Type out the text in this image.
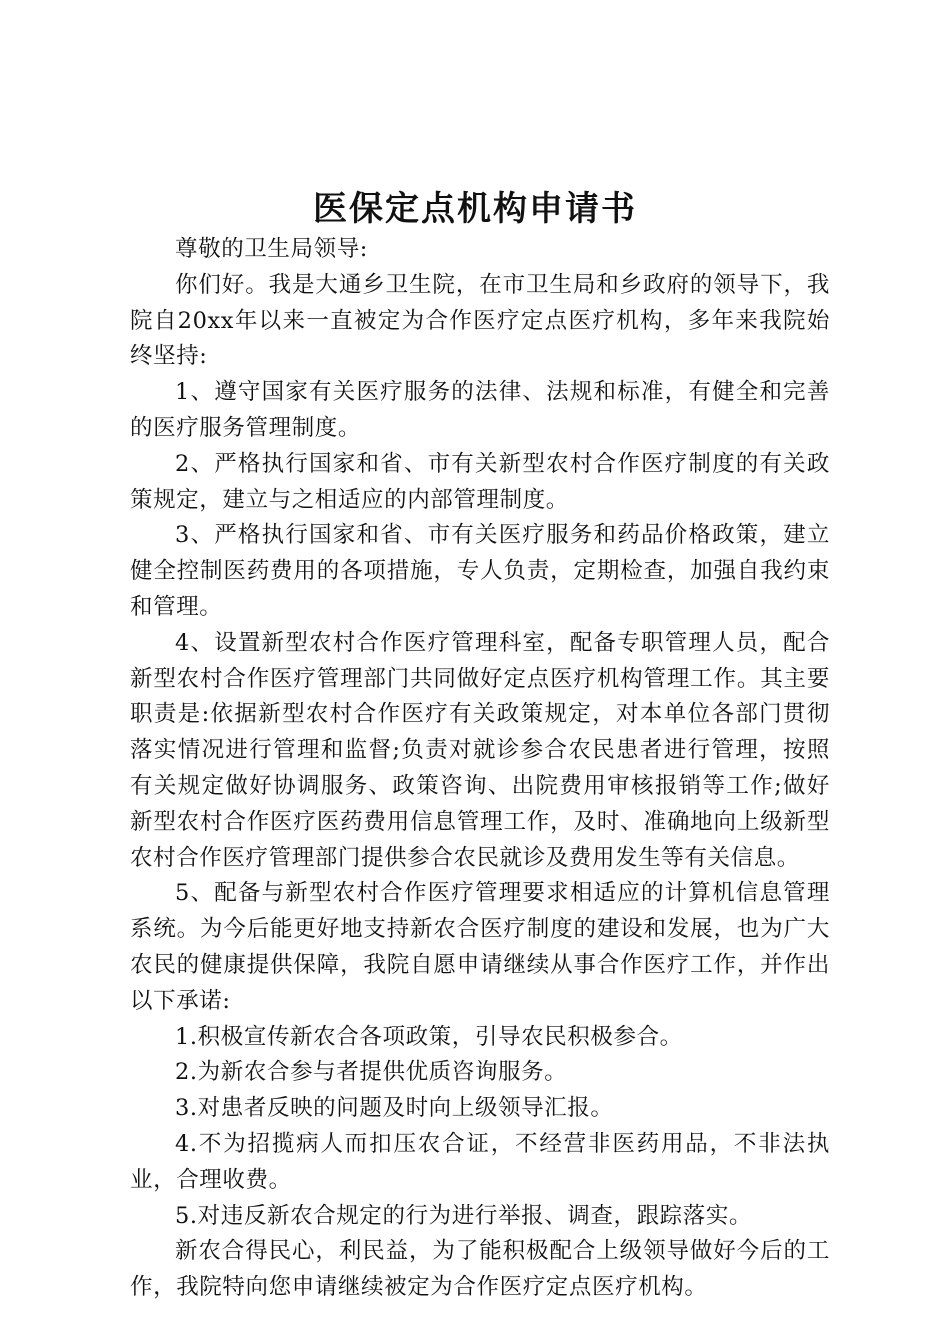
医保定点机构申请书

尊敬的卫生局领导:

你们好。我是大通乡卫生院，在市卫生局和乡政府的领导下，我院自20xx年以来一直被定为合作医疗定点医疗机构，多年来我院始终坚持:

1、遵守国家有关医疗服务的法律、法规和标准，有健全和完善的医疗服务管理制度。

2、严格执行国家和省、市有关新型农村合作医疗制度的有关政策规定，建立与之相适应的内部管理制度。

3、严格执行国家和省、市有关医疗服务和药品价格政策，建立健全控制医药费用的各项措施，专人负责，定期检查，加强自我约束和管理。

4、设置新型农村合作医疗管理科室，配备专职管理人员，配合新型农村合作医疗管理部门共同做好定点医疗机构管理工作。其主要职责是:依据新型农村合作医疗有关政策规定，对本单位各部门贯彻落实情况进行管理和监督;负责对就诊参合农民患者进行管理，按照有关规定做好协调服务、政策咨询、出院费用审核报销等工作;做好新型农村合作医疗医药费用信息管理工作，及时、准确地向上级新型农村合作医疗管理部门提供参合农民就诊及费用发生等有关信息。

5、配备与新型农村合作医疗管理要求相适应的计算机信息管理系统。为今后能更好地支持新农合医疗制度的建设和发展，也为广大农民的健康提供保障，我院自愿申请继续从事合作医疗工作，并作出以下承诺:

1.积极宣传新农合各项政策，引导农民积极参合。

2.为新农合参与者提供优质咨询服务。

3.对患者反映的问题及时向上级领导汇报。

4.不为招揽病人而扣压农合证，不经营非医药用品，不非法执业，合理收费。

5.对违反新农合规定的行为进行举报、调查，跟踪落实。

新农合得民心，利民益，为了能积极配合上级领导做好今后的工作，我院特向您申请继续被定为合作医疗定点医疗机构。
